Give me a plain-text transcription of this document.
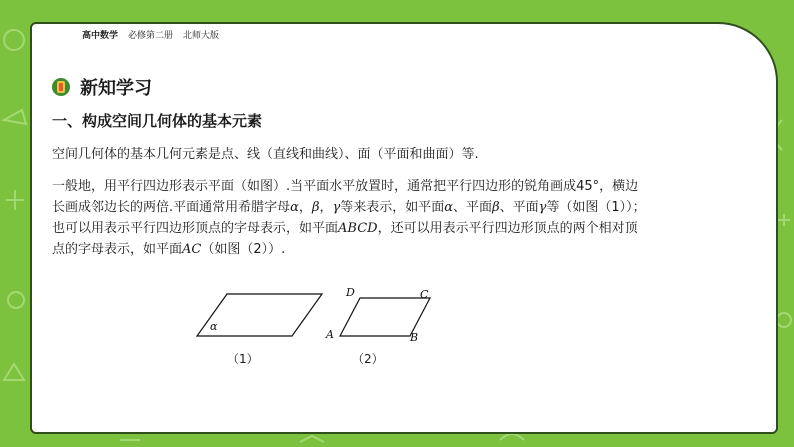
高中数学 必修第二册 北师大版
新知学习
一、构成空间几何体的基本元素
空间几何体的基本几何元素是点、线（直线和曲线）、面（平面和曲面）等.
一般地，用平行四边形表示平面（如图）.当平面水平放置时，通常把平行四边形的锐角画成45°，横边
长画成邻边长的两倍.平面通常用希腊字母α，β，γ等来表示，如平面α、平面β、平面γ等（如图（1））；
也可以用表示平行四边形顶点的字母表示，如平面ABCD，还可以用表示平行四边形顶点的两个相对顶
点的字母表示，如平面AC（如图（2））.
α
A	B
C
D
（1）	（2）
